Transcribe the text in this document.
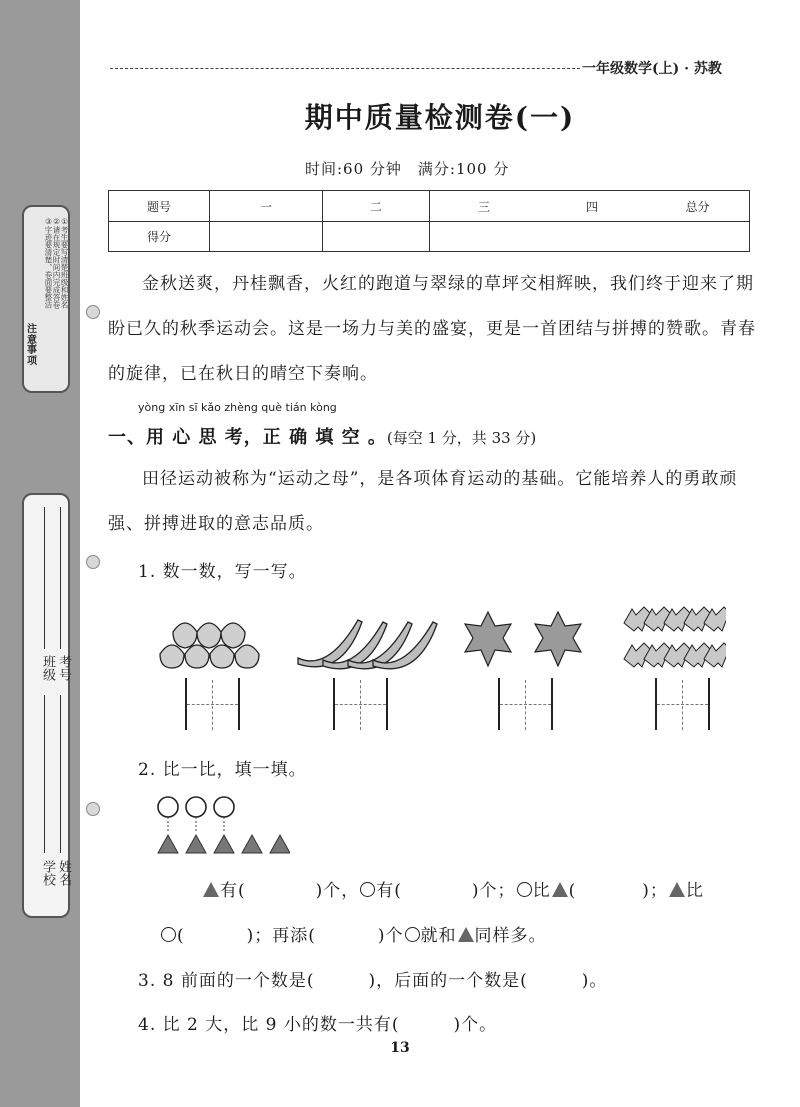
注意事项
①考生要写清楚班级和姓名
②请在规定时间内完成答卷
③字迹要清楚，卷面要整洁
学校 姓名
班级 考号
一年级数学(上) · 苏教
期中质量检测卷(一)
时间:60 分钟　满分:100 分
题号	一	二	三	四	总分
得分					
金秋送爽，丹桂飘香，火红的跑道与翠绿的草坪交相辉映，我们终于迎来了期盼已久的秋季运动会。这是一场力与美的盛宴，更是一首团结与拼搏的赞歌。青春的旋律，已在秋日的晴空下奏响。
yòng xīn sī kǎo zhèng què tián kòng
一、用 心 思 考，正 确 填 空 。(每空 1 分，共 33 分)
田径运动被称为“运动之母”，是各项体育运动的基础。它能培养人的勇敢顽强、拼搏进取的意志品质。
1. 数一数，写一写。
2. 比一比，填一填。
有(	)个， 有(	)个； 比 (	)； 比
(	)；再添(	)个 就和 同样多。
3. 8 前面的一个数是(　　　)，后面的一个数是(　　　)。
4. 比 2 大，比 9 小的数一共有(　　　)个。
13
